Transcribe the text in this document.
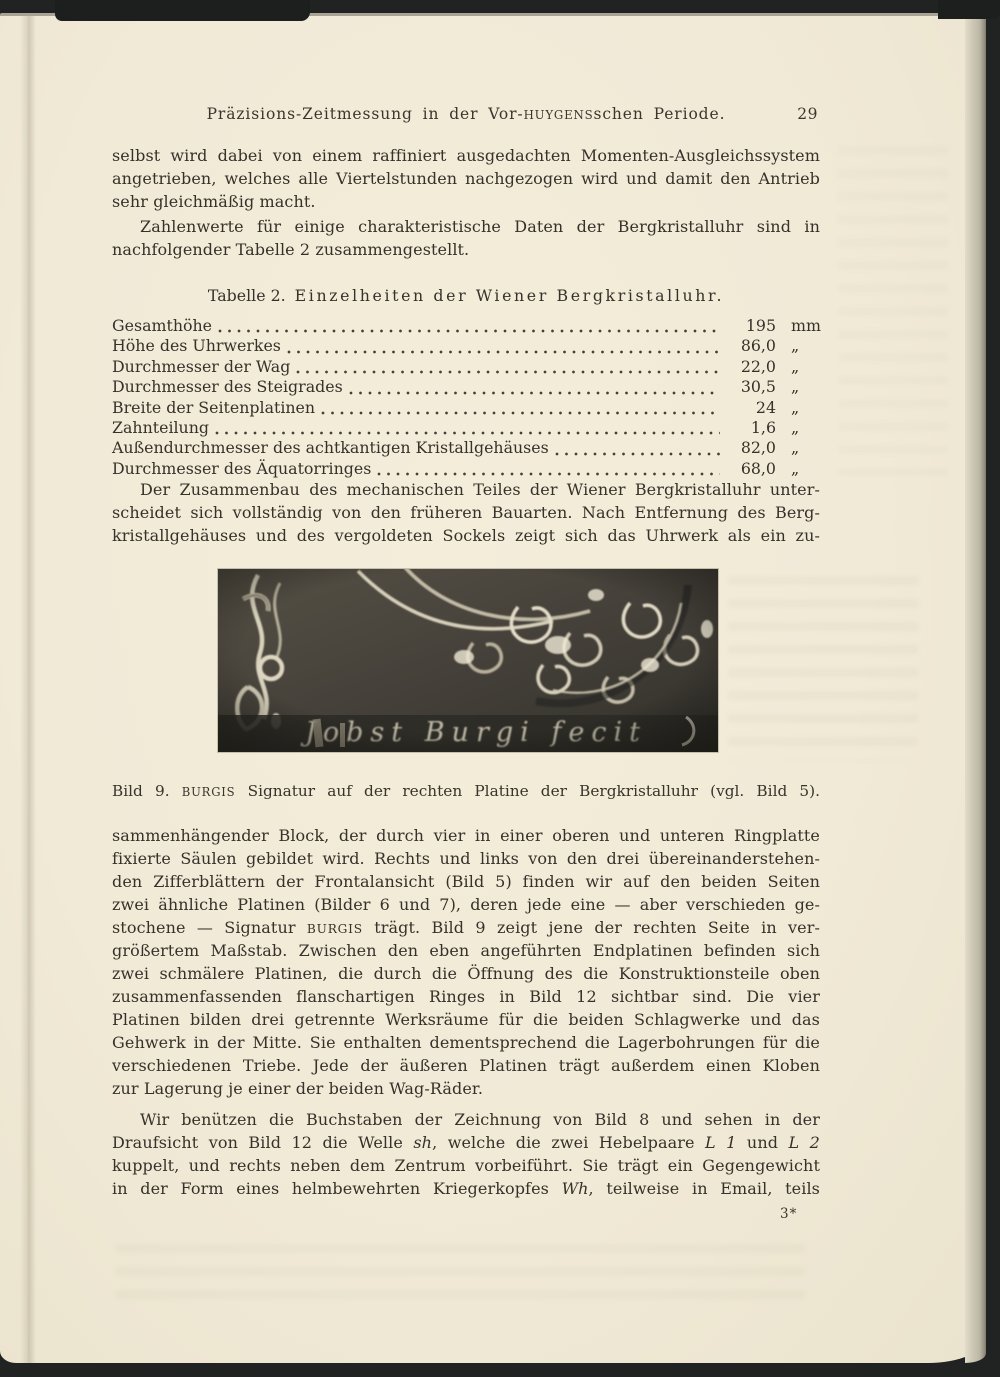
Präzisions-Zeitmessung in der Vor-HUYGENSschen Periode.	29
selbst wird dabei von einem raffiniert ausgedachten Momenten-Ausgleichssystem
angetrieben, welches alle Viertelstunden nachgezogen wird und damit den Antrieb
sehr gleichmäßig macht.
Zahlenwerte für einige charakteristische Daten der Bergkristalluhr sind in
nachfolgender Tabelle 2 zusammengestellt.
Tabelle 2. Einzelheiten der Wiener Bergkristalluhr.
Gesamthöhe	195 mm
Höhe des Uhrwerkes	86,0 „
Durchmesser der Wag	22,0 „
Durchmesser des Steigrades	30,5 „
Breite der Seitenplatinen	24 „
Zahnteilung	1,6 „
Außendurchmesser des achtkantigen Kristallgehäuses	82,0 „
Durchmesser des Äquatorringes	68,0 „
Der Zusammenbau des mechanischen Teiles der Wiener Bergkristalluhr unter-
scheidet sich vollständig von den früheren Bauarten. Nach Entfernung des Berg-
kristallgehäuses und des vergoldeten Sockels zeigt sich das Uhrwerk als ein zu-
Bild 9. BURGIS Signatur auf der rechten Platine der Bergkristalluhr (vgl. Bild 5).
sammenhängender Block, der durch vier in einer oberen und unteren Ringplatte
fixierte Säulen gebildet wird. Rechts und links von den drei übereinanderstehen-
den Zifferblättern der Frontalansicht (Bild 5) finden wir auf den beiden Seiten
zwei ähnliche Platinen (Bilder 6 und 7), deren jede eine — aber verschieden ge-
stochene — Signatur BURGIS trägt. Bild 9 zeigt jene der rechten Seite in ver-
größertem Maßstab. Zwischen den eben angeführten Endplatinen befinden sich
zwei schmälere Platinen, die durch die Öffnung des die Konstruktionsteile oben
zusammenfassenden flanschartigen Ringes in Bild 12 sichtbar sind. Die vier
Platinen bilden drei getrennte Werksräume für die beiden Schlagwerke und das
Gehwerk in der Mitte. Sie enthalten dementsprechend die Lagerbohrungen für die
verschiedenen Triebe. Jede der äußeren Platinen trägt außerdem einen Kloben
zur Lagerung je einer der beiden Wag-Räder.
Wir benützen die Buchstaben der Zeichnung von Bild 8 und sehen in der
Draufsicht von Bild 12 die Welle sh, welche die zwei Hebelpaare L 1 und L 2
kuppelt, und rechts neben dem Zentrum vorbeiführt. Sie trägt ein Gegengewicht
in der Form eines helmbewehrten Kriegerkopfes Wh, teilweise in Email, teils
3*
